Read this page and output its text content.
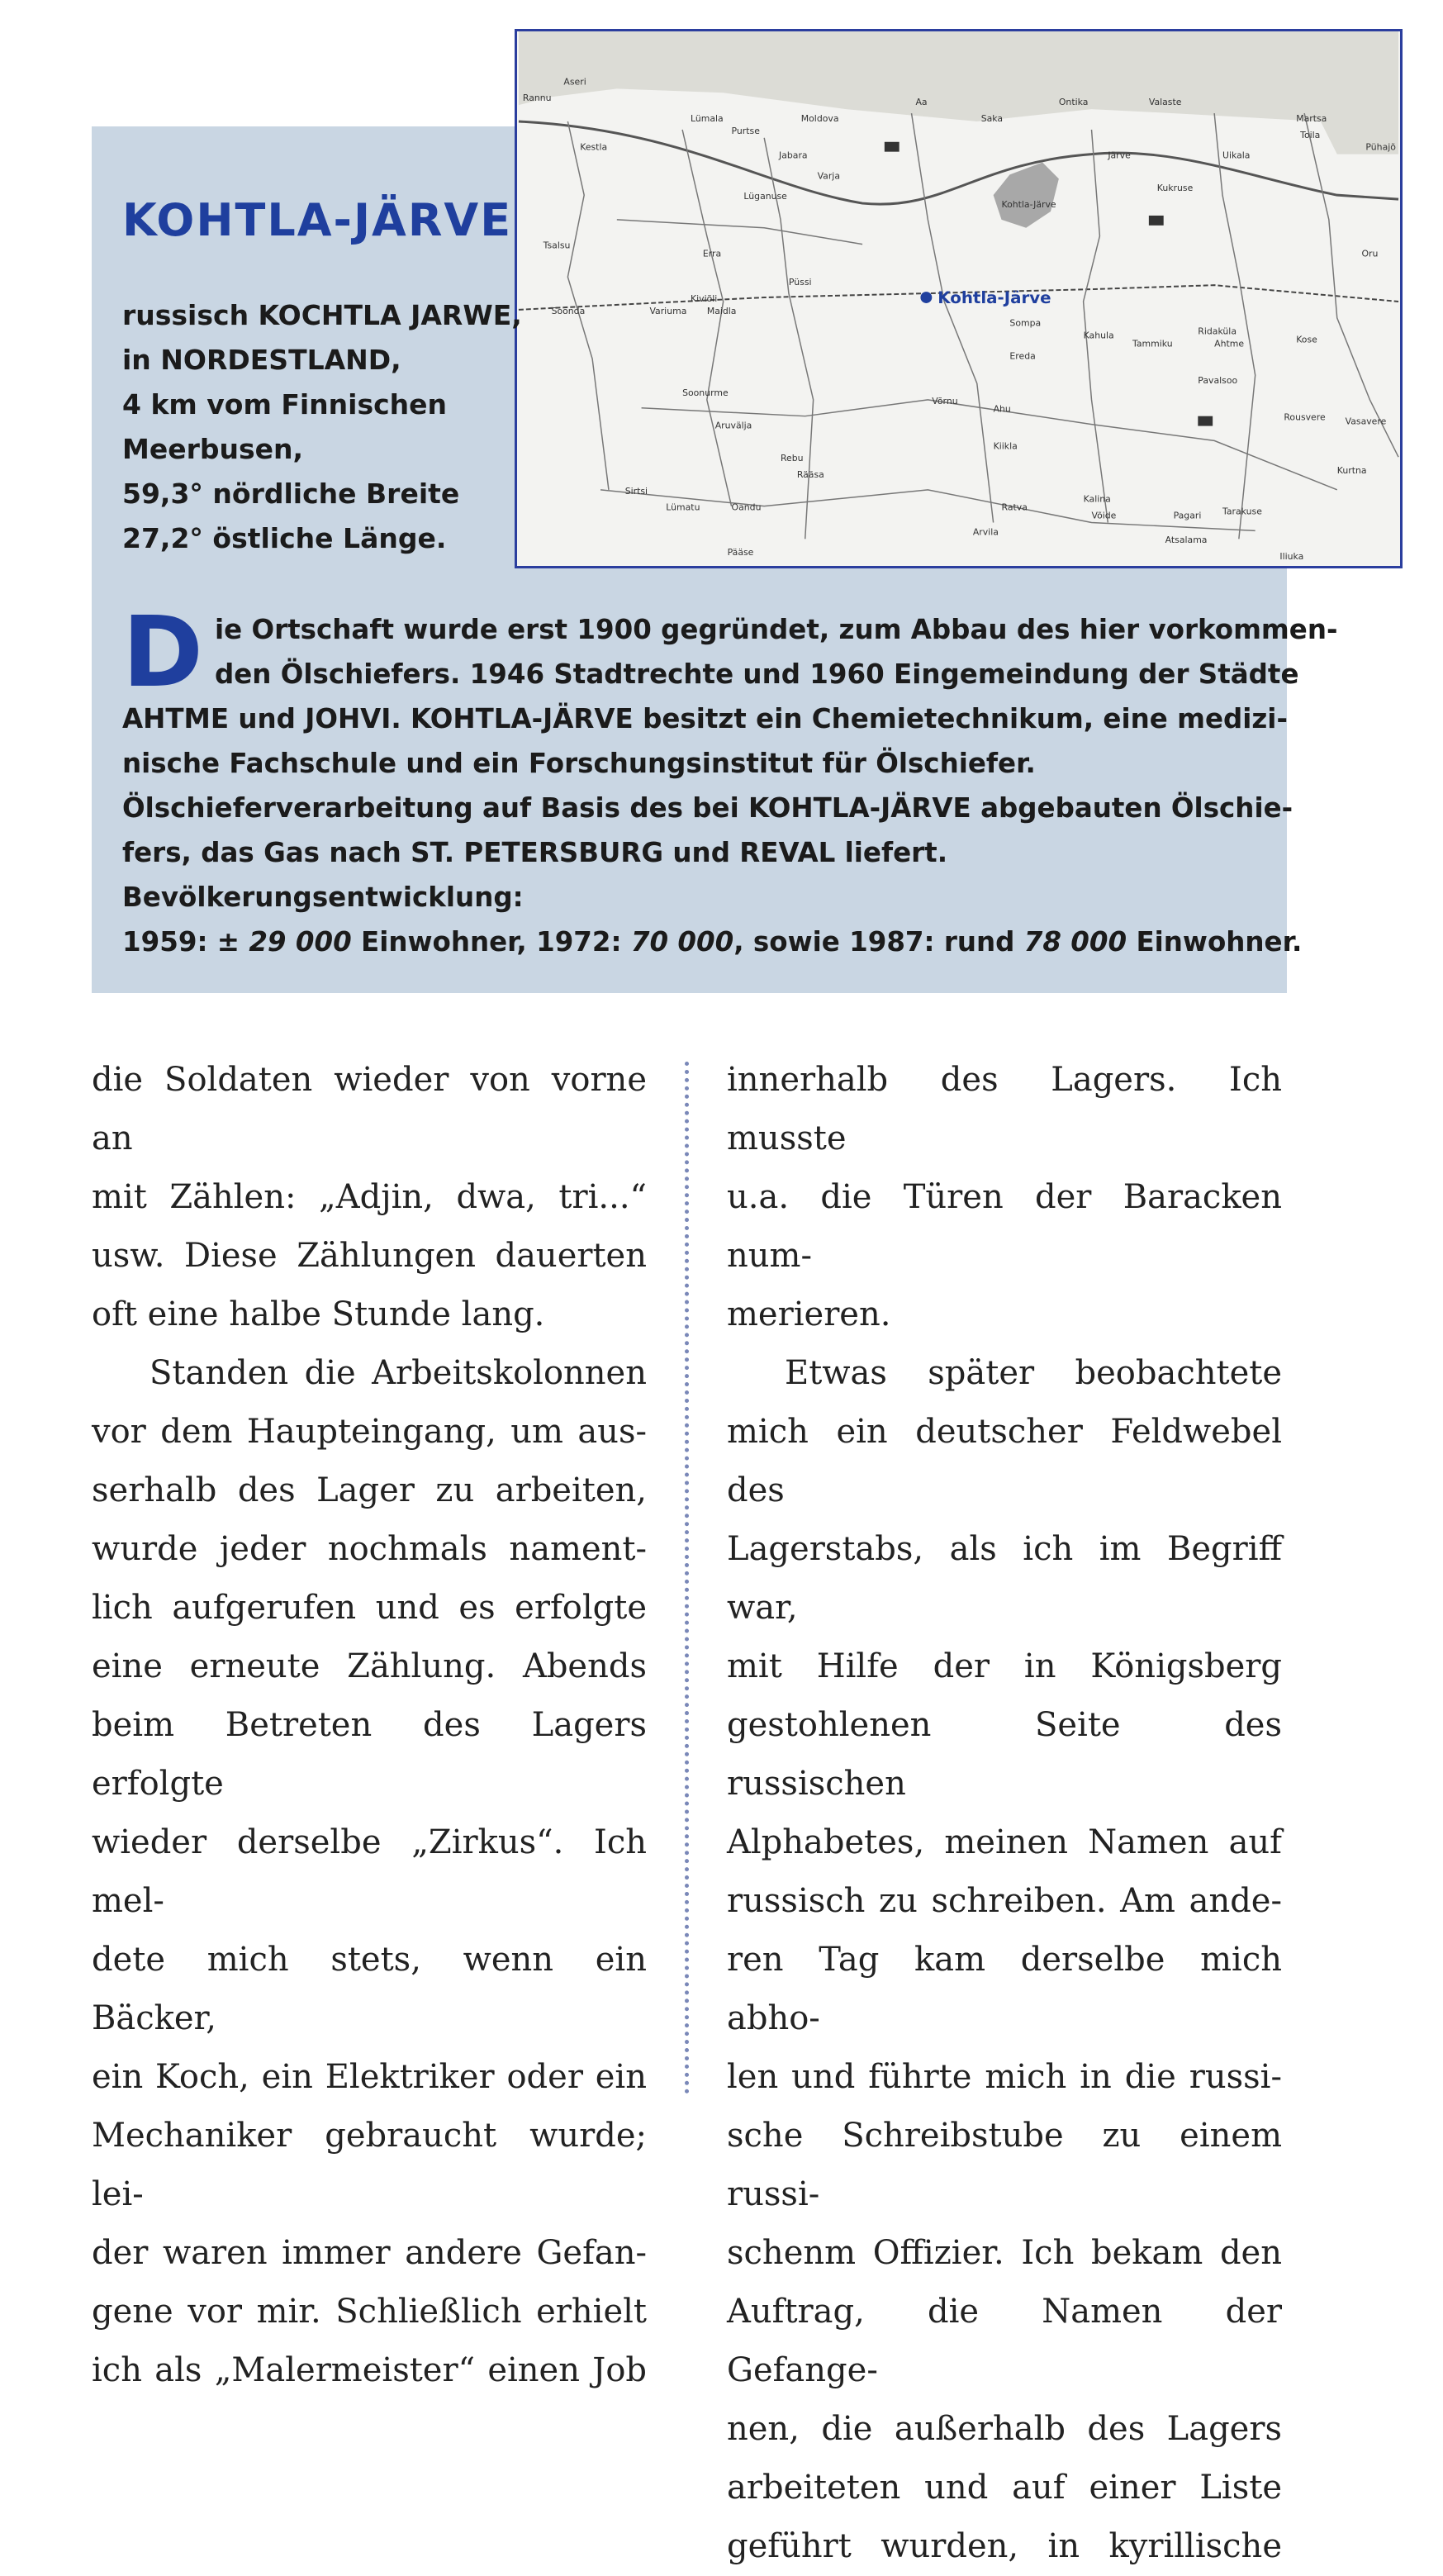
Aseri
Rannu
Kestla
Lümala
Purtse
Moldova
Jabara
Varja
Lüganuse
Saka
Aa	Ontika	Valaste
Martsa
Toila
Pühajõ
Järve
Kukruse
Uikala
Kohtla-Järve
Oru
Tsalsu
Erra
Püssi
Kiviõli
Variuma Maidla
Soonda
Sompa
Kahula
Tammiku
Ridaküla
Ahtme	Kose
Ereda
Pavalsoo
Soonurme
Võrnu
Ahu
Rousvere Vasavere
Aruvälja
Kiikla
Rebu
Rääsa	Kurtna
Sirtsi
Lümatu	Oandu	Ratva
Kalina
Võide	Pagari Tarakuse
Arvila
Atsalama
Iliuka
Pääse
Kohtla-Järve
KOHTLA-JÄRVE
russisch KOCHTLA JARWE,
in NORDESTLAND,
4 km vom Finnischen
Meerbusen,
59,3° nördliche Breite
27,2° östliche Länge.
D ie Ortschaft wurde erst 1900 gegründet, zum Abbau des hier vorkommen-
den Ölschiefers. 1946 Stadtrechte und 1960 Eingemeindung der Städte
AHTME und JOHVI. KOHTLA-JÄRVE besitzt ein Chemietechnikum, eine medizi-
nische Fachschule und ein Forschungsinstitut für Ölschiefer.
Ölschieferverarbeitung auf Basis des bei KOHTLA-JÄRVE abgebauten Ölschie-
fers, das Gas nach ST. PETERSBURG und REVAL liefert.
Bevölkerungsentwicklung:
1959: ± 29 000 Einwohner, 1972: 70 000, sowie 1987: rund 78 000 Einwohner.
die Soldaten wieder von vorne an
mit Zählen: „Adjin, dwa, tri...“
usw. Diese Zählungen dauerten
oft eine halbe Stunde lang.
Standen die Arbeitskolonnen
vor dem Haupteingang, um aus-
serhalb des Lager zu arbeiten,
wurde jeder nochmals nament-
lich aufgerufen und es erfolgte
eine erneute Zählung. Abends
beim Betreten des Lagers erfolgte
wieder derselbe „Zirkus“. Ich mel-
dete mich stets, wenn ein Bäcker,
ein Koch, ein Elektriker oder ein
Mechaniker gebraucht wurde; lei-
der waren immer andere Gefan-
gene vor mir. Schließlich erhielt
ich als „Malermeister“ einen Job
innerhalb des Lagers. Ich musste
u.a. die Türen der Baracken num-
merieren.
Etwas später beobachtete
mich ein deutscher Feldwebel des
Lagerstabs, als ich im Begriff war,
mit Hilfe der in Königsberg
gestohlenen Seite des russischen
Alphabetes, meinen Namen auf
russisch zu schreiben. Am ande-
ren Tag kam derselbe mich abho-
len und führte mich in die russi-
sche Schreibstube zu einem russi-
schenm Offizier. Ich bekam den
Auftrag, die Namen der Gefange-
nen, die außerhalb des Lagers
arbeiteten und auf einer Liste
geführt wurden, in kyrillische
